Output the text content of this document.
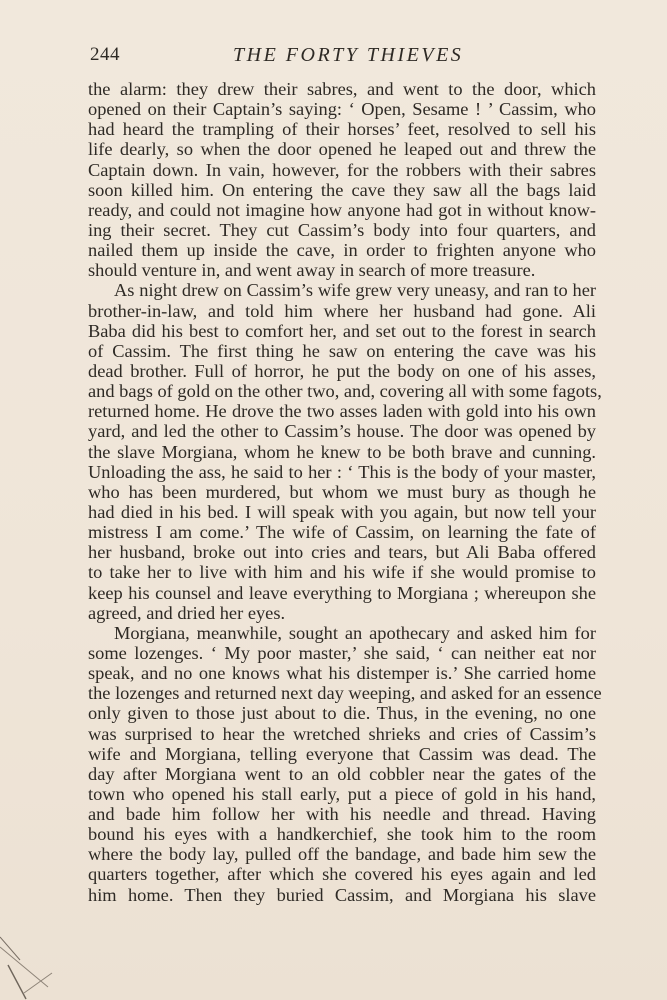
244	THE FORTY THIEVES
the alarm: they drew their sabres, and went to the door, which
opened on their Captain’s saying: ‘ Open, Sesame ! ’ Cassim, who
had heard the trampling of their horses’ feet, resolved to sell his
life dearly, so when the door opened he leaped out and threw the
Captain down. In vain, however, for the robbers with their sabres
soon killed him. On entering the cave they saw all the bags laid
ready, and could not imagine how anyone had got in without know-
ing their secret. They cut Cassim’s body into four quarters, and
nailed them up inside the cave, in order to frighten anyone who
should venture in, and went away in search of more treasure.
As night drew on Cassim’s wife grew very uneasy, and ran to her
brother-in-law, and told him where her husband had gone. Ali
Baba did his best to comfort her, and set out to the forest in search
of Cassim. The first thing he saw on entering the cave was his
dead brother. Full of horror, he put the body on one of his asses,
and bags of gold on the other two, and, covering all with some fagots,
returned home. He drove the two asses laden with gold into his own
yard, and led the other to Cassim’s house. The door was opened by
the slave Morgiana, whom he knew to be both brave and cunning.
Unloading the ass, he said to her : ‘ This is the body of your master,
who has been murdered, but whom we must bury as though he
had died in his bed. I will speak with you again, but now tell your
mistress I am come.’ The wife of Cassim, on learning the fate of
her husband, broke out into cries and tears, but Ali Baba offered
to take her to live with him and his wife if she would promise to
keep his counsel and leave everything to Morgiana ; whereupon she
agreed, and dried her eyes.
Morgiana, meanwhile, sought an apothecary and asked him for
some lozenges. ‘ My poor master,’ she said, ‘ can neither eat nor
speak, and no one knows what his distemper is.’ She carried home
the lozenges and returned next day weeping, and asked for an essence
only given to those just about to die. Thus, in the evening, no one
was surprised to hear the wretched shrieks and cries of Cassim’s
wife and Morgiana, telling everyone that Cassim was dead. The
day after Morgiana went to an old cobbler near the gates of the
town who opened his stall early, put a piece of gold in his hand,
and bade him follow her with his needle and thread. Having
bound his eyes with a handkerchief, she took him to the room
where the body lay, pulled off the bandage, and bade him sew the
quarters together, after which she covered his eyes again and led
him home. Then they buried Cassim, and Morgiana his slave
